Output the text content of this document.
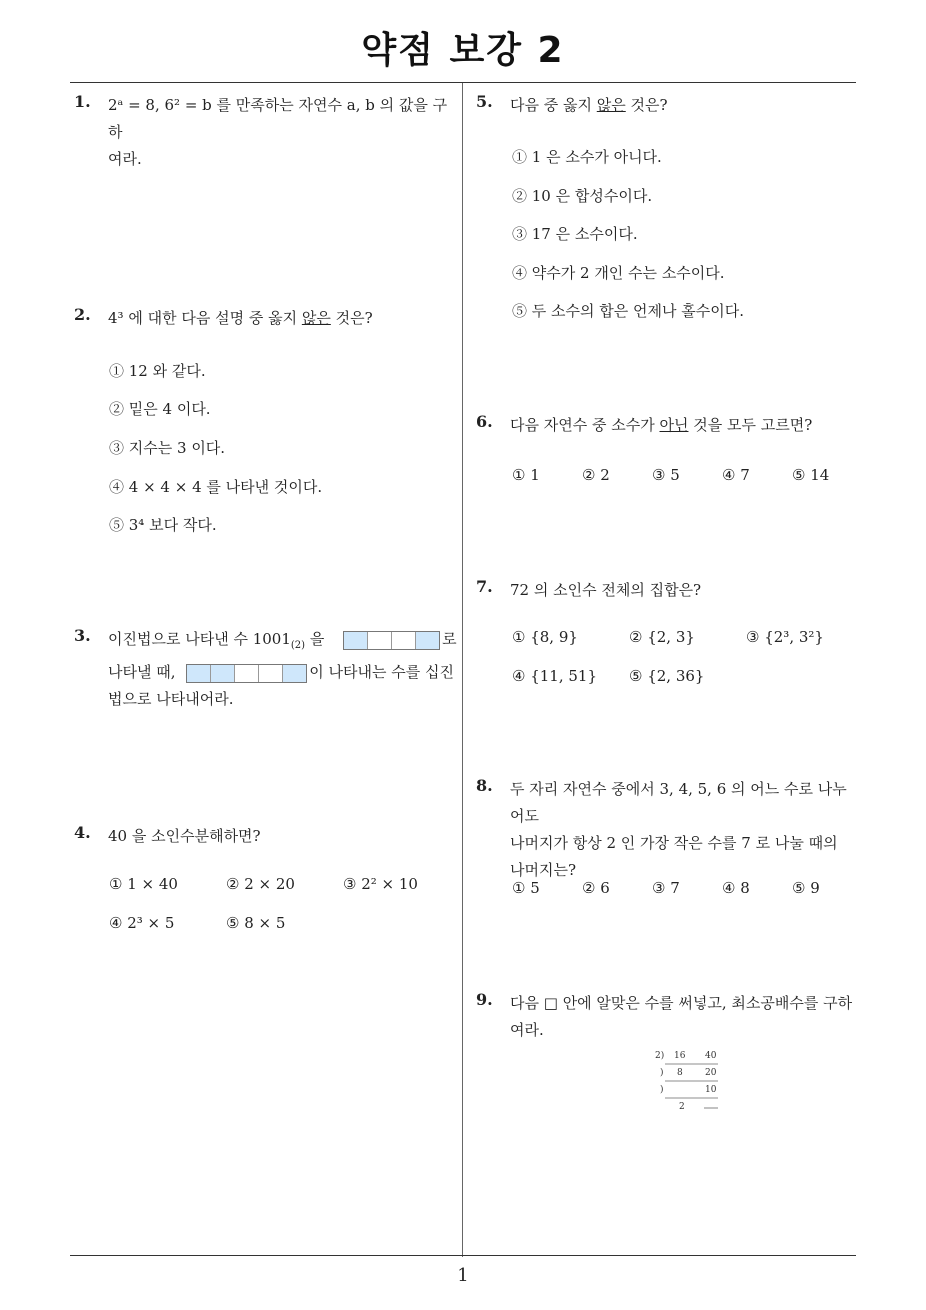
약점 보강 2
1. 2ᵃ = 8, 6² = b 를 만족하는 자연수 a, b 의 값을 구하
여라.
2. 4³ 에 대한 다음 설명 중 옳지 않은 것은?
① 12 와 같다.
② 밑은 4 이다.
③ 지수는 3 이다.
④ 4 × 4 × 4 를 나타낸 것이다.
⑤ 3⁴ 보다 작다.
3. 이진법으로 나타낸 수 $1001_{(2)}$ 을	로
나타낼 때,	이 나타내는 수를 십진
법으로 나타내어라.
4. 40 을 소인수분해하면?
① 1 × 40	② 2 × 20	③ 2² × 10
④ 2³ × 5	⑤ 8 × 5
5. 다음 중 옳지 않은 것은?
① 1 은 소수가 아니다.
② 10 은 합성수이다.
③ 17 은 소수이다.
④ 약수가 2 개인 수는 소수이다.
⑤ 두 소수의 합은 언제나 홀수이다.
6. 다음 자연수 중 소수가 아닌 것을 모두 고르면?
① 1	② 2	③ 5	④ 7	⑤ 14
7. 72 의 소인수 전체의 집합은?
① {8, 9}	② {2, 3}	③ {2³, 3²}
④ {11, 51} ⑤ {2, 36}
8. 두 자리 자연수 중에서 3, 4, 5, 6 의 어느 수로 나누어도
나머지가 항상 2 인 가장 작은 수를 7 로 나눌 때의
나머지는?
① 5	② 6	③ 7	④ 8	⑤ 9
9. 다음 □ 안에 알맞은 수를 써넣고, 최소공배수를 구하
여라.
2) 16 40
) 8 20
)	10
2
1
